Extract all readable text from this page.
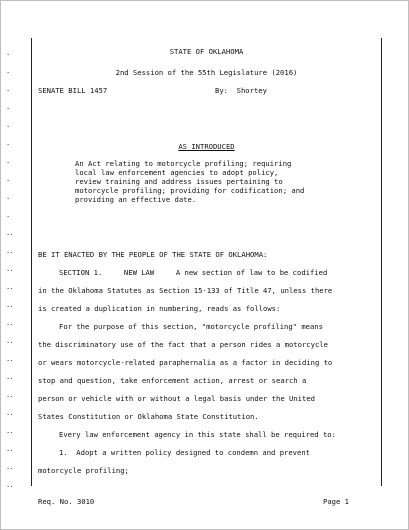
.
.
.
.
.
.
.
.
.
.
..
..
..
..
..
..
..
..
..
..
..
..
..
..
..
STATE OF OKLAHOMA
2nd Session of the 55th Legislature (2016)
SENATE BILL 1457	By:  Shortey
AS INTRODUCED
An Act relating to motorcycle profiling; requiring
local law enforcement agencies to adopt policy,
review training and address issues pertaining to
motorcycle profiling; providing for codification; and
providing an effective date.
BE IT ENACTED BY THE PEOPLE OF THE STATE OF OKLAHOMA:
SECTION 1.     NEW LAW     A new section of law to be codified
in the Oklahoma Statutes as Section 15-133 of Title 47, unless there
is created a duplication in numbering, reads as follows:
For the purpose of this section, "motorcycle profiling" means
the discriminatory use of the fact that a person rides a motorcycle
or wears motorcycle-related paraphernalia as a factor in deciding to
stop and question, take enforcement action, arrest or search a
person or vehicle with or without a legal basis under the United
States Constitution or Oklahoma State Constitution.
Every law enforcement agency in this state shall be required to:
1.  Adopt a written policy designed to condemn and prevent
motorcycle profiling;
Req. No. 3010	Page 1
